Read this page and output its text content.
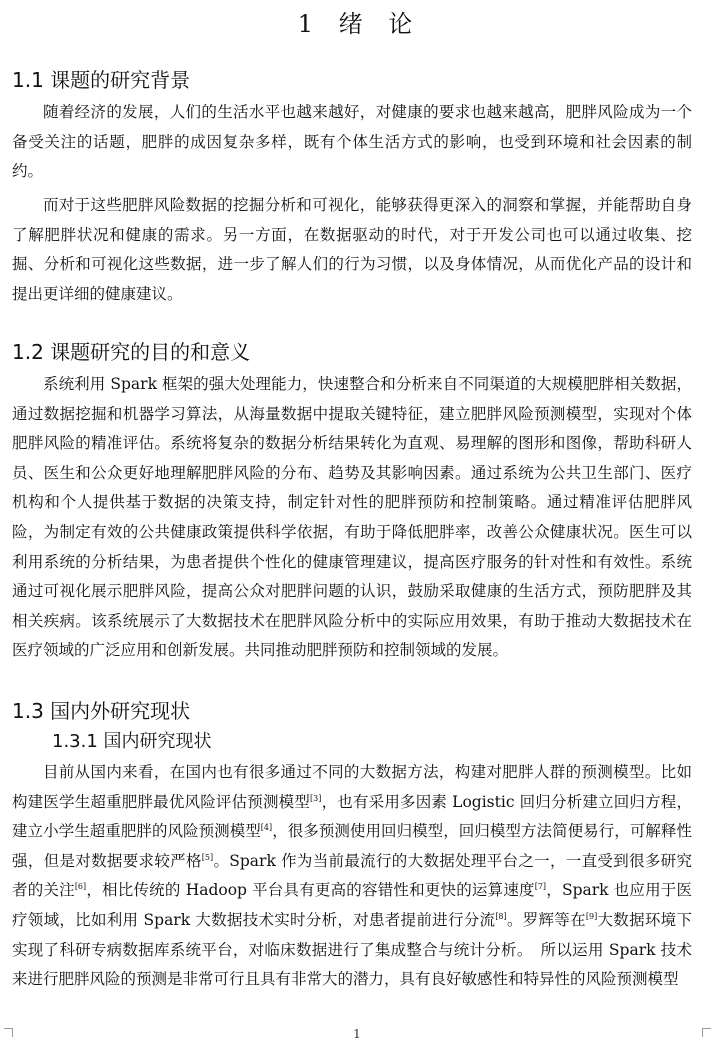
1 绪 论
1.1 课题的研究背景

随着经济的发展，人们的生活水平也越来越好，对健康的要求也越来越高，肥胖风险成为一个备受关注的话题，肥胖的成因复杂多样，既有个体生活方式的影响，也受到环境和社会因素的制约。

而对于这些肥胖风险数据的挖掘分析和可视化，能够获得更深入的洞察和掌握，并能帮助自身了解肥胖状况和健康的需求。另一方面，在数据驱动的时代，对于开发公司也可以通过收集、挖掘、分析和可视化这些数据，进一步了解人们的行为习惯，以及身体情况，从而优化产品的设计和提出更详细的健康建议。

1.2 课题研究的目的和意义

系统利用 Spark 框架的强大处理能力，快速整合和分析来自不同渠道的大规模肥胖相关数据，通过数据挖掘和机器学习算法，从海量数据中提取关键特征，建立肥胖风险预测模型，实现对个体肥胖风险的精准评估。系统将复杂的数据分析结果转化为直观、易理解的图形和图像，帮助科研人员、医生和公众更好地理解肥胖风险的分布、趋势及其影响因素。通过系统为公共卫生部门、医疗机构和个人提供基于数据的决策支持，制定针对性的肥胖预防和控制策略。通过精准评估肥胖风险，为制定有效的公共健康政策提供科学依据，有助于降低肥胖率，改善公众健康状况。医生可以利用系统的分析结果，为患者提供个性化的健康管理建议，提高医疗服务的针对性和有效性。系统通过可视化展示肥胖风险，提高公众对肥胖问题的认识，鼓励采取健康的生活方式，预防肥胖及其相关疾病。该系统展示了大数据技术在肥胖风险分析中的实际应用效果，有助于推动大数据技术在医疗领域的广泛应用和创新发展。共同推动肥胖预防和控制领域的发展。

1.3 国内外研究现状
1.3.1 国内研究现状

目前从国内来看，在国内也有很多通过不同的大数据方法，构建对肥胖人群的预测模型。比如构建医学生超重肥胖最优风险评估预测模型[3]，也有采用多因素 Logistic 回归分析建立回归方程，建立小学生超重肥胖的风险预测模型[4]，很多预测使用回归模型，回归模型方法简便易行，可解释性强，但是对数据要求较严格[5]。Spark 作为当前最流行的大数据处理平台之一，一直受到很多研究者的关注[6]，相比传统的 Hadoop 平台具有更高的容错性和更快的运算速度[7]，Spark 也应用于医疗领域，比如利用 Spark 大数据技术实时分析，对患者提前进行分流[8]。罗辉等在[9]大数据环境下实现了科研专病数据库系统平台，对临床数据进行了集成整合与统计分析。　所以运用 Spark 技术来进行肥胖风险的预测是非常可行且具有非常大的潜力，具有良好敏感性和特异性的风险预测模型

1
